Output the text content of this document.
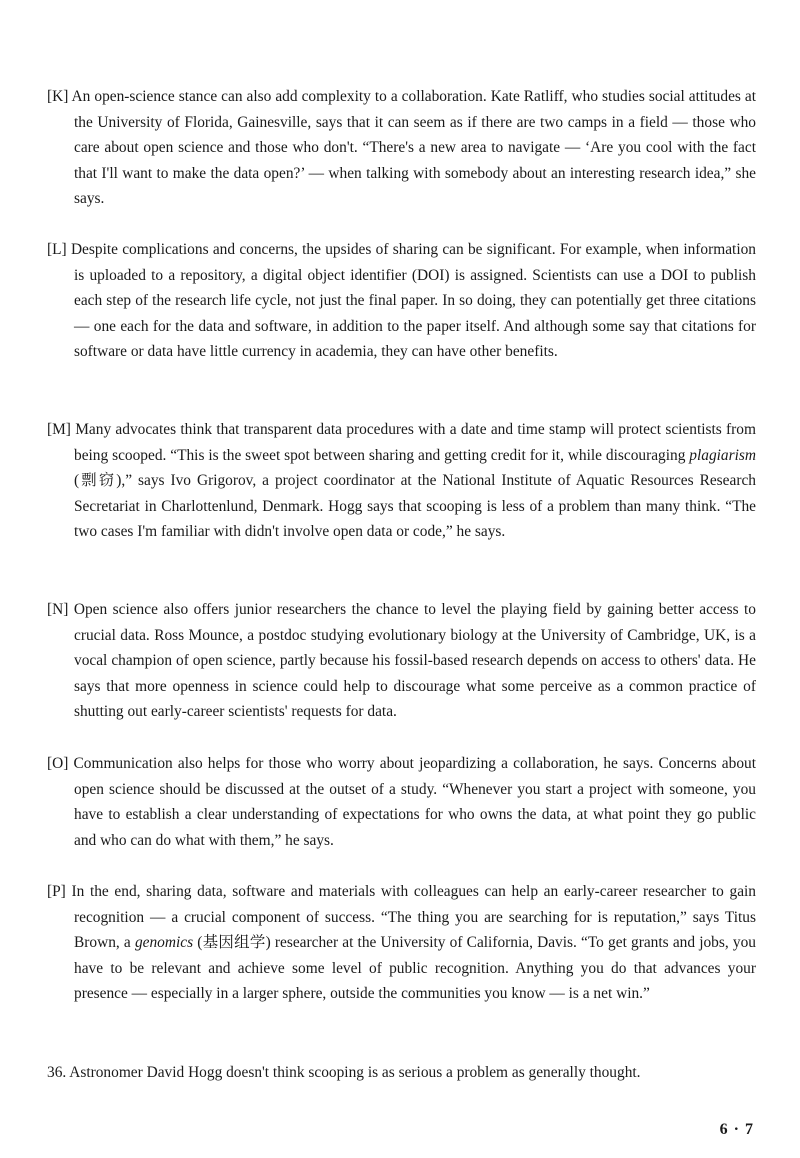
[K] An open-science stance can also add complexity to a collaboration. Kate Ratliff, who studies social attitudes at the University of Florida, Gainesville, says that it can seem as if there are two camps in a field — those who care about open science and those who don't. “There's a new area to navigate — ‘Are you cool with the fact that I'll want to make the data open?’ — when talking with somebody about an interesting research idea,” she says.

[L] Despite complications and concerns, the upsides of sharing can be significant. For example, when information is uploaded to a repository, a digital object identifier (DOI) is assigned. Scientists can use a DOI to publish each step of the research life cycle, not just the final paper. In so doing, they can potentially get three citations — one each for the data and software, in addition to the paper itself. And although some say that citations for software or data have little currency in academia, they can have other benefits.

[M] Many advocates think that transparent data procedures with a date and time stamp will protect scientists from being scooped. “This is the sweet spot between sharing and getting credit for it, while discouraging plagiarism (剽窃),” says Ivo Grigorov, a project coordinator at the National Institute of Aquatic Resources Research Secretariat in Charlottenlund, Denmark. Hogg says that scooping is less of a problem than many think. “The two cases I'm familiar with didn't involve open data or code,” he says.

[N] Open science also offers junior researchers the chance to level the playing field by gaining better access to crucial data. Ross Mounce, a postdoc studying evolutionary biology at the University of Cambridge, UK, is a vocal champion of open science, partly because his fossil-based research depends on access to others' data. He says that more openness in science could help to discourage what some perceive as a common practice of shutting out early-career scientists' requests for data.

[O] Communication also helps for those who worry about jeopardizing a collaboration, he says. Concerns about open science should be discussed at the outset of a study. “Whenever you start a project with someone, you have to establish a clear understanding of expectations for who owns the data, at what point they go public and who can do what with them,” he says.

[P] In the end, sharing data, software and materials with colleagues can help an early-career researcher to gain recognition — a crucial component of success. “The thing you are searching for is reputation,” says Titus Brown, a genomics (基因组学) researcher at the University of California, Davis. “To get grants and jobs, you have to be relevant and achieve some level of public recognition. Anything you do that advances your presence — especially in a larger sphere, outside the communities you know — is a net win.”

36. Astronomer David Hogg doesn't think scooping is as serious a problem as generally thought.
6 · 7
